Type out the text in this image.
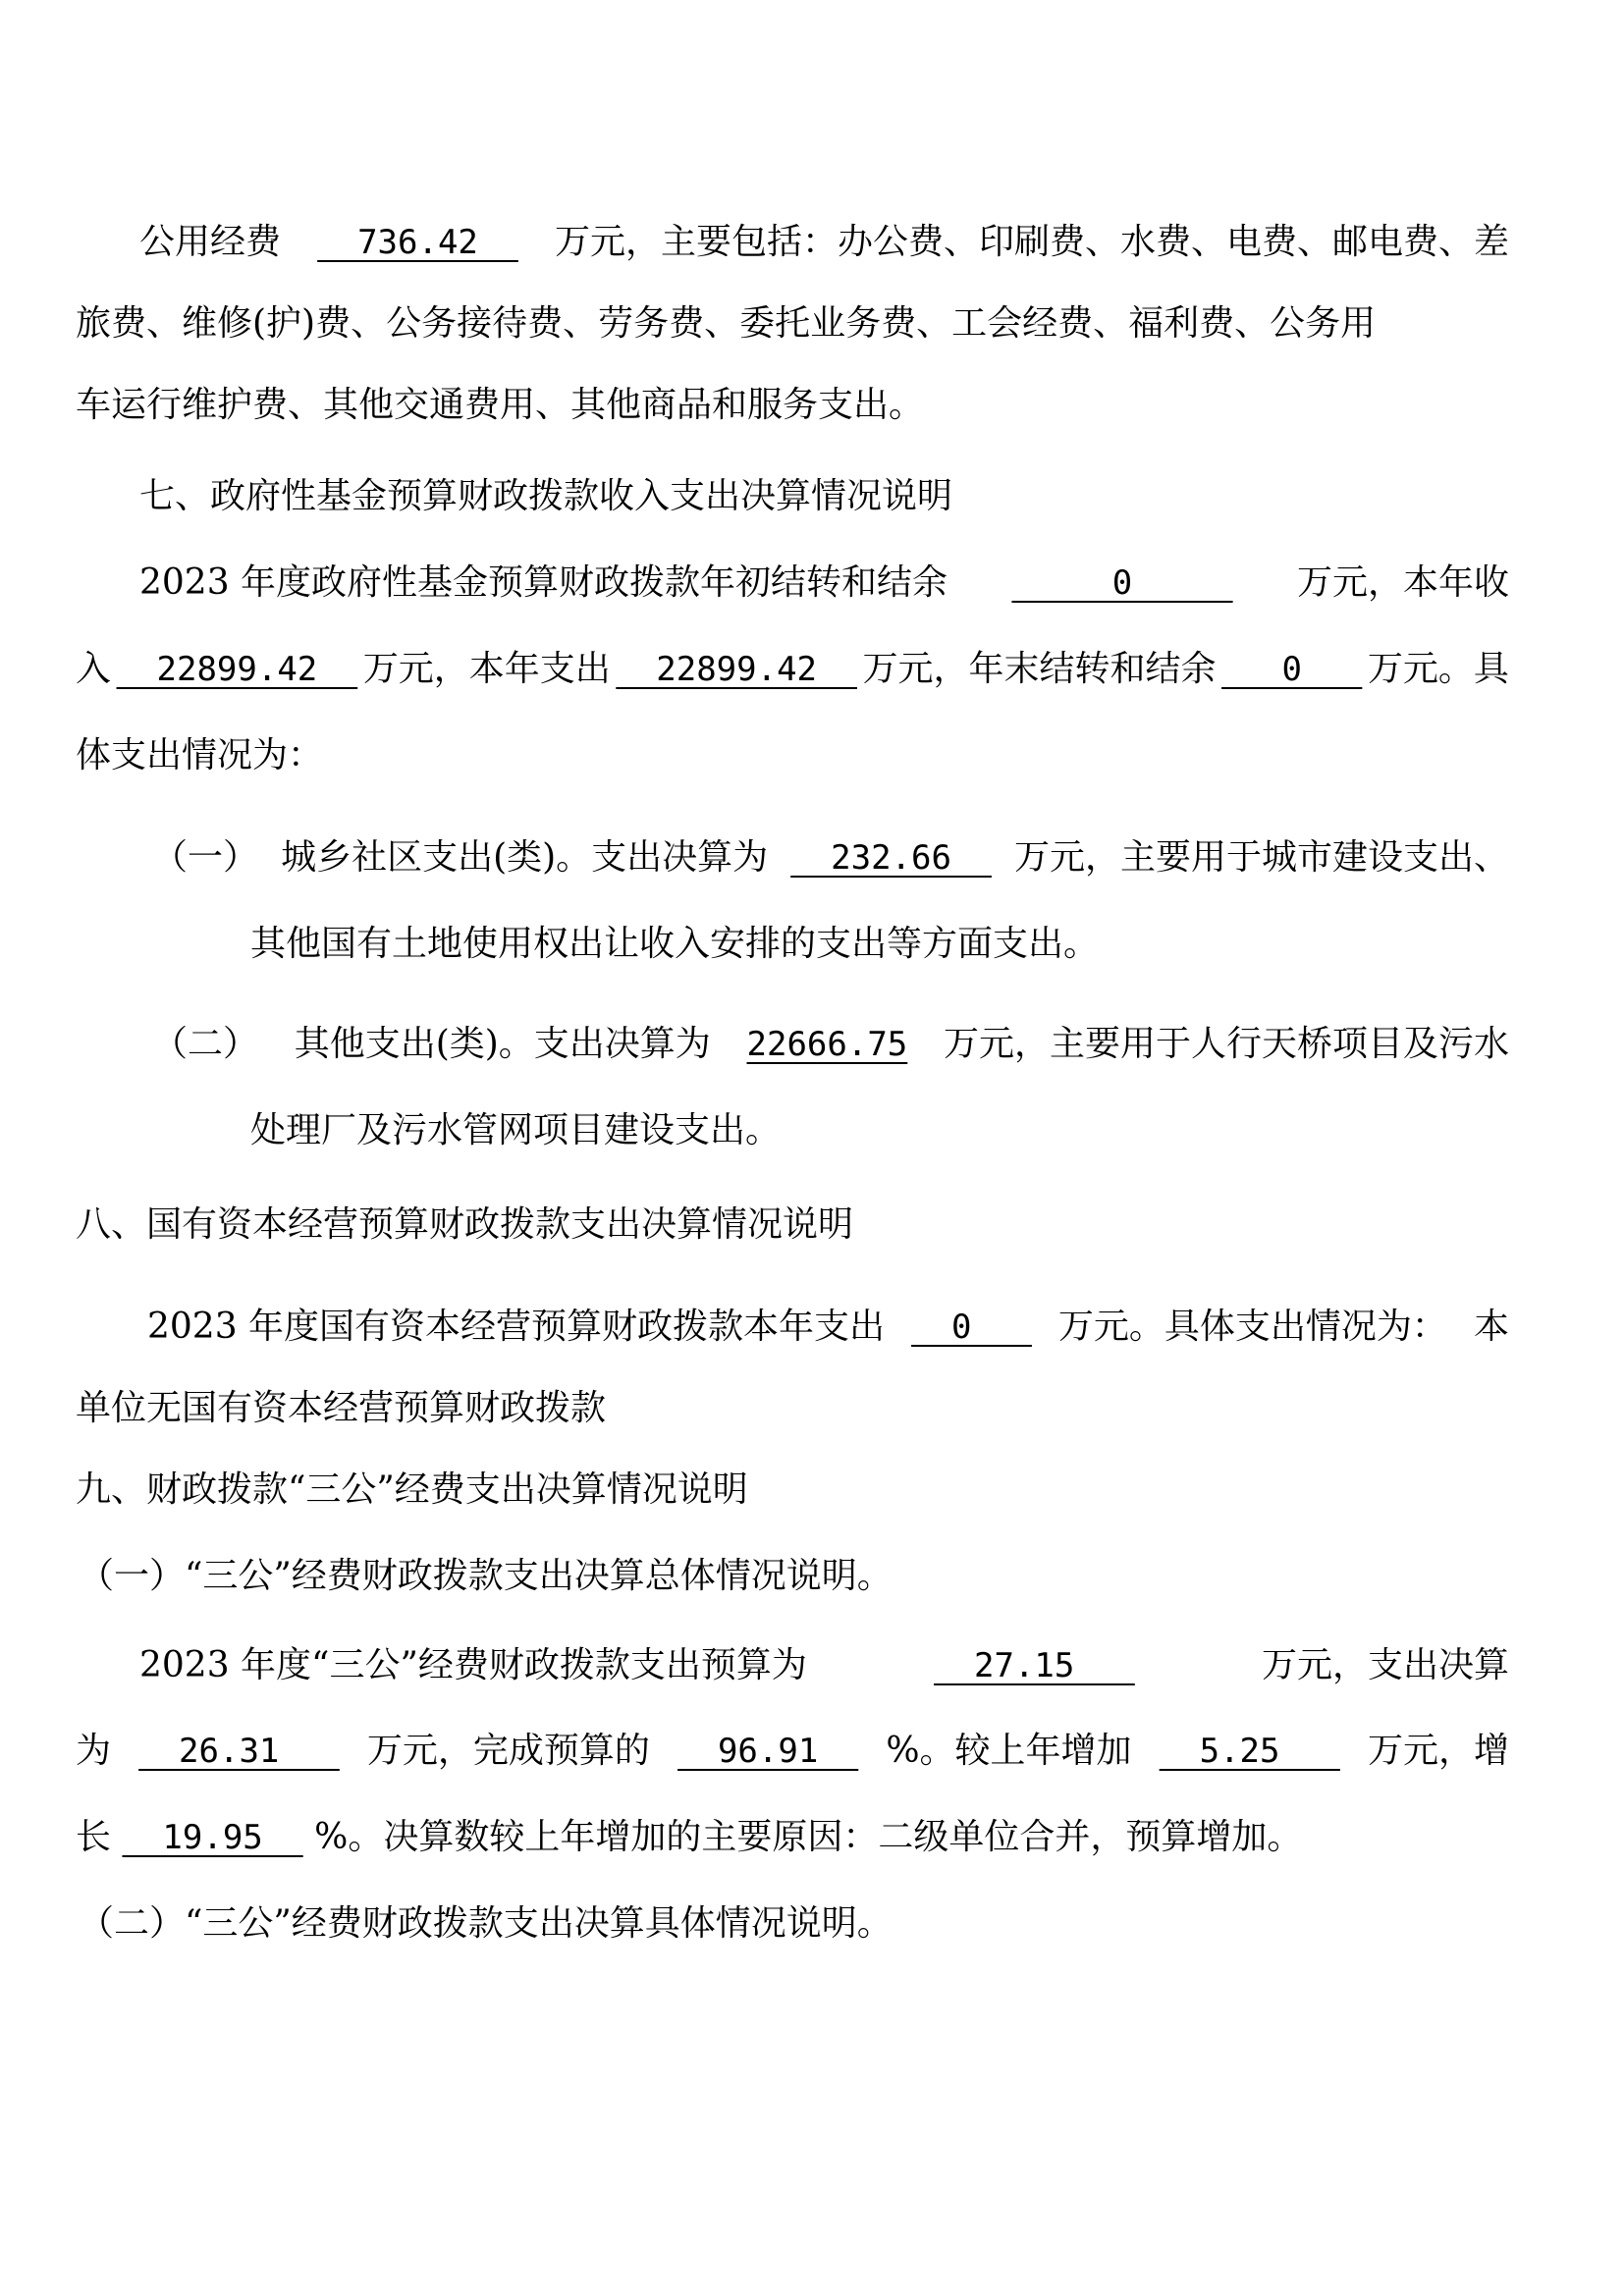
公用经费 736.42 万元，主要包括：办公费、印刷费、水费、电费、邮电费、差
旅费、维修(护)费、公务接待费、劳务费、委托业务费、工会经费、福利费、公务用
车运行维护费、其他交通费用、其他商品和服务支出。
七、政府性基金预算财政拨款收入支出决算情况说明
2023 年度政府性基金预算财政拨款年初结转和结余 0 万元，本年收
入 22899.42 万元，本年支出 22899.42 万元，年末结转和结余 0 万元。具
体支出情况为：
（一） 城乡社区支出(类)。支出决算为 232.66 万元，主要用于城市建设支出、
其他国有土地使用权出让收入安排的支出等方面支出。
（二） 其他支出(类)。支出决算为 22666.75 万元，主要用于人行天桥项目及污水
处理厂及污水管网项目建设支出。
八、国有资本经营预算财政拨款支出决算情况说明
2023 年度国有资本经营预算财政拨款本年支出 0 万元。具体支出情况为： 本
单位无国有资本经营预算财政拨款
九、财政拨款“三公”经费支出决算情况说明
（一）“三公”经费财政拨款支出决算总体情况说明。
2023 年度“三公”经费财政拨款支出预算为	27.15	万元，支出决算
为 26.31 万元，完成预算的 96.91 %。较上年增加 5.25 万元，增
长   19.95   %。决算数较上年增加的主要原因：二级单位合并，预算增加。
（二）“三公”经费财政拨款支出决算具体情况说明。
